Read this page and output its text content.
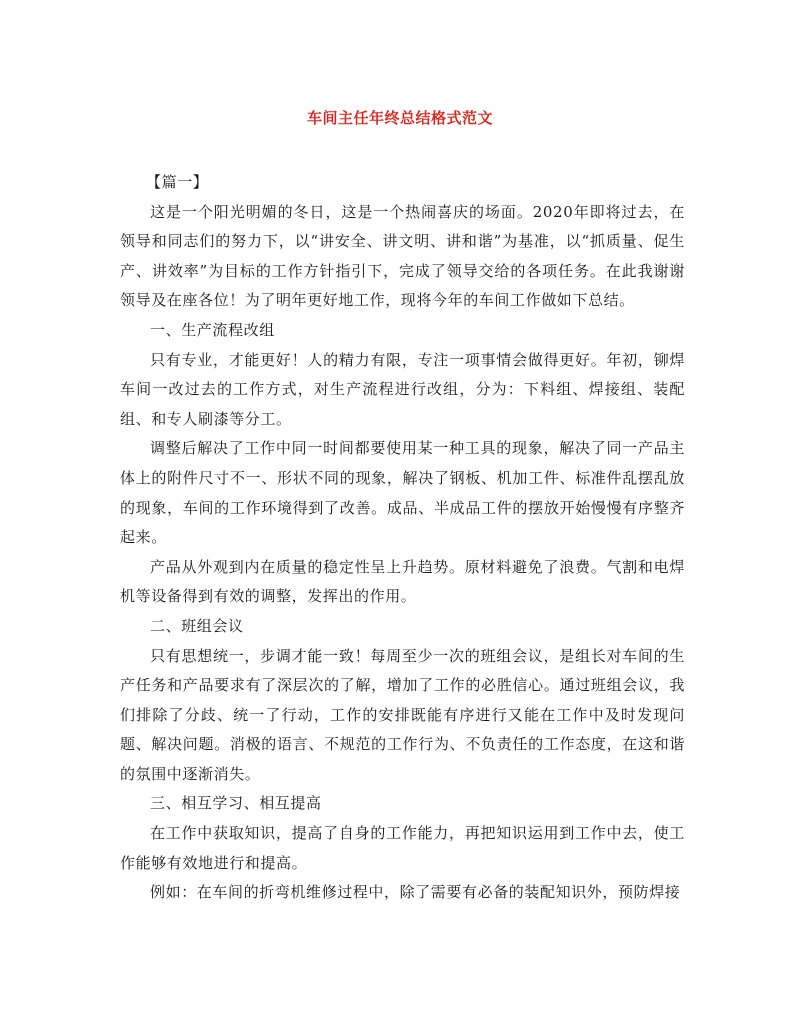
车间主任年终总结格式范文

【篇一】

这是一个阳光明媚的冬日，这是一个热闹喜庆的场面。2020年即将过去，在领导和同志们的努力下，以“讲安全、讲文明、讲和谐”为基准，以“抓质量、促生产、讲效率”为目标的工作方针指引下，完成了领导交给的各项任务。在此我谢谢领导及在座各位！为了明年更好地工作，现将今年的车间工作做如下总结。

一、生产流程改组

只有专业，才能更好！人的精力有限，专注一项事情会做得更好。年初，铆焊车间一改过去的工作方式，对生产流程进行改组，分为：下料组、焊接组、装配组、和专人刷漆等分工。

调整后解决了工作中同一时间都要使用某一种工具的现象，解决了同一产品主体上的附件尺寸不一、形状不同的现象，解决了钢板、机加工件、标准件乱摆乱放的现象，车间的工作环境得到了改善。成品、半成品工件的摆放开始慢慢有序整齐起来。

产品从外观到内在质量的稳定性呈上升趋势。原材料避免了浪费。气割和电焊机等设备得到有效的调整，发挥出的作用。

二、班组会议

只有思想统一，步调才能一致！每周至少一次的班组会议，是组长对车间的生产任务和产品要求有了深层次的了解，增加了工作的必胜信心。通过班组会议，我们排除了分歧、统一了行动，工作的安排既能有序进行又能在工作中及时发现问题、解决问题。消极的语言、不规范的工作行为、不负责任的工作态度，在这和谐的氛围中逐渐消失。

三、相互学习、相互提高

在工作中获取知识，提高了自身的工作能力，再把知识运用到工作中去，使工作能够有效地进行和提高。

例如：在车间的折弯机维修过程中，除了需要有必备的装配知识外，预防焊接
